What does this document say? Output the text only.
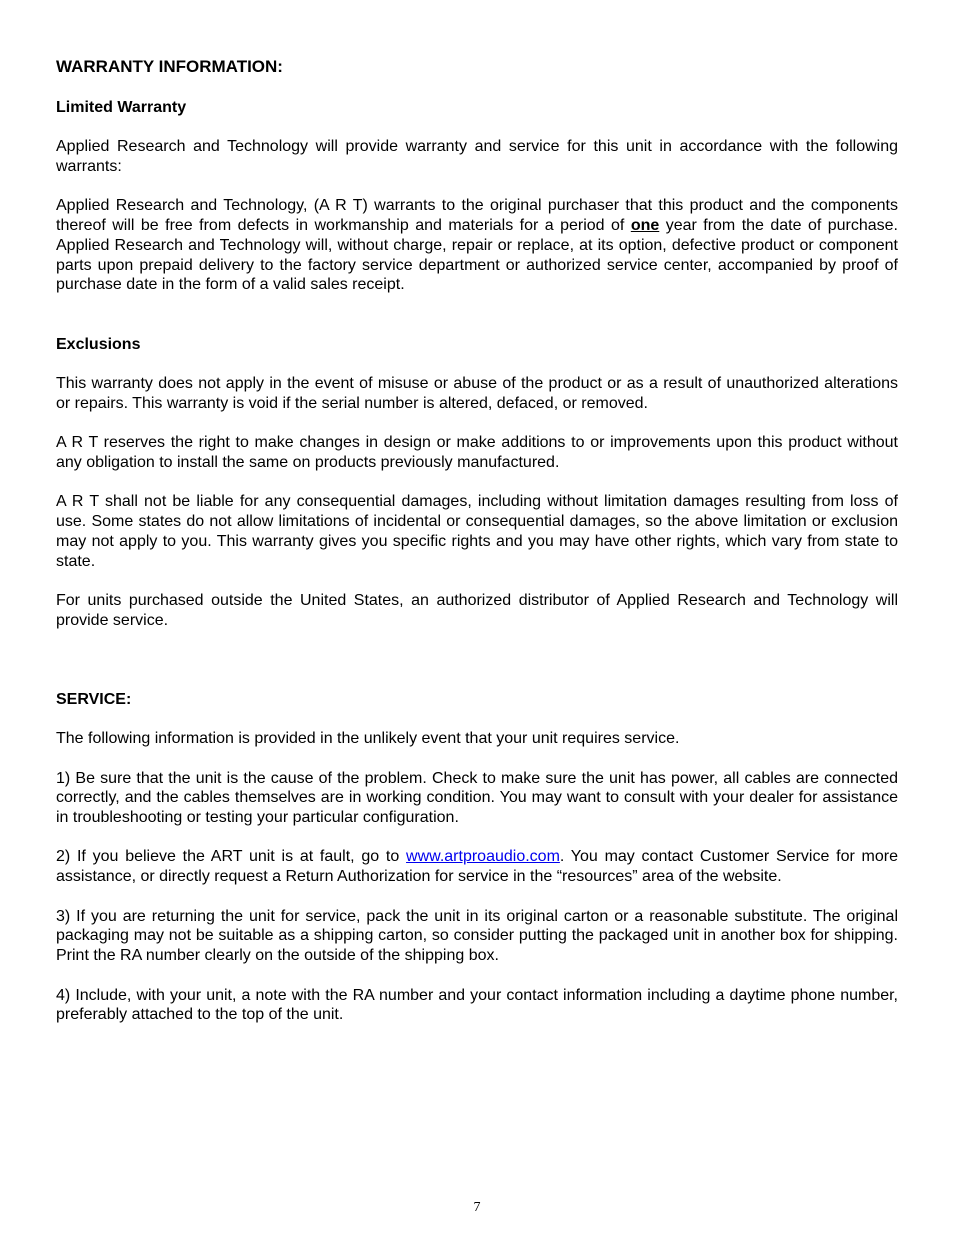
WARRANTY INFORMATION:
Limited Warranty

Applied Research and Technology will provide warranty and service for this unit in accordance with the following warrants:

Applied Research and Technology, (A R T) warrants to the original purchaser that this product and the components thereof will be free from defects in workmanship and materials for a period of one year from the date of purchase. Applied Research and Technology will, without charge, repair or replace, at its option, defective product or component parts upon prepaid delivery to the factory service department or authorized service center, accompanied by proof of purchase date in the form of a valid sales receipt.

Exclusions

This warranty does not apply in the event of misuse or abuse of the product or as a result of unauthorized alterations or repairs. This warranty is void if the serial number is altered, defaced, or removed.

A R T reserves the right to make changes in design or make additions to or improvements upon this product without any obligation to install the same on products previously manufactured.

A R T shall not be liable for any consequential damages, including without limitation damages resulting from loss of use. Some states do not allow limitations of incidental or consequential damages, so the above limitation or exclusion may not apply to you. This warranty gives you specific rights and you may have other rights, which vary from state to state.

For units purchased outside the United States, an authorized distributor of Applied Research and Technology will provide service.

SERVICE:

The following information is provided in the unlikely event that your unit requires service.

1) Be sure that the unit is the cause of the problem. Check to make sure the unit has power, all cables are connected correctly, and the cables themselves are in working condition. You may want to consult with your dealer for assistance in troubleshooting or testing your particular configuration.

2) If you believe the ART unit is at fault, go to www.artproaudio.com. You may contact Customer Service for more assistance, or directly request a Return Authorization for service in the “resources” area of the website.

3) If you are returning the unit for service, pack the unit in its original carton or a reasonable substitute. The original packaging may not be suitable as a shipping carton, so consider putting the packaged unit in another box for shipping. Print the RA number clearly on the outside of the shipping box.

4) Include, with your unit, a note with the RA number and your contact information including a daytime phone number, preferably attached to the top of the unit.

7
